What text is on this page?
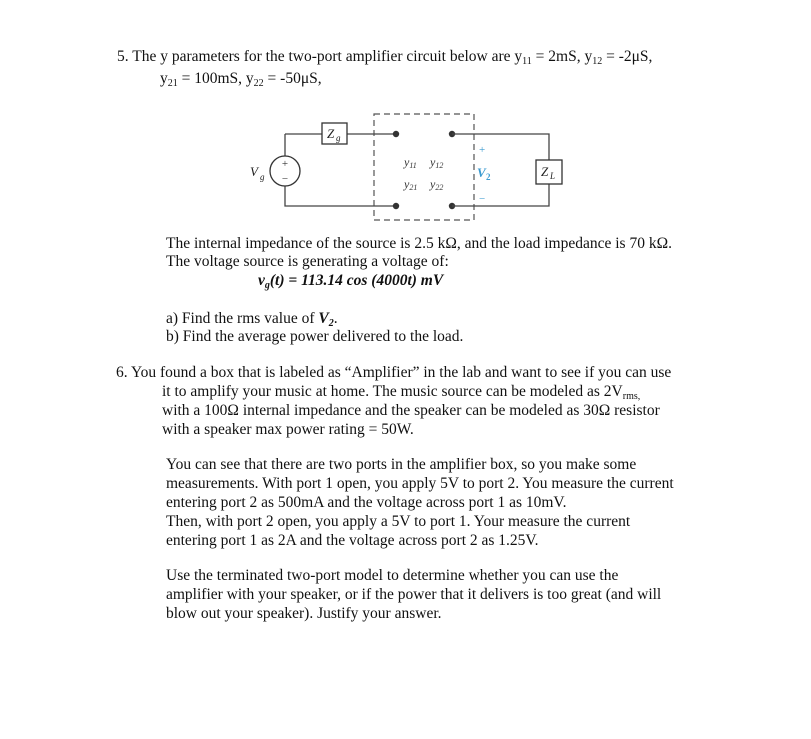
5. The y parameters for the two-port amplifier circuit below are $y_{11} = 2mS$, $y_{12} = -2\mu S$,
$y_{21} = 100mS$, $y_{22} = -50\mu S$,
+
−
V g
Z g
Z L
y11 y12
y21 y22
+
V 2
−
The internal impedance of the source is 2.5 kΩ, and the load impedance is 70 kΩ.
The voltage source is generating a voltage of:
$v_g(t) = 113.14$ cos (4000t) mV
a) Find the rms value of $V_2$.
b) Find the average power delivered to the load.
6. You found a box that is labeled as “Amplifier” in the lab and want to see if you can use
it to amplify your music at home. The music source can be modeled as $2V_{rms,}$
with a 100Ω internal impedance and the speaker can be modeled as 30Ω resistor
with a speaker max power rating = 50W.
You can see that there are two ports in the amplifier box, so you make some
measurements. With port 1 open, you apply 5V to port 2. You measure the current
entering port 2 as 500mA and the voltage across port 1 as 10mV.
Then, with port 2 open, you apply a 5V to port 1. Your measure the current
entering port 1 as 2A and the voltage across port 2 as 1.25V.
Use the terminated two-port model to determine whether you can use the
amplifier with your speaker, or if the power that it delivers is too great (and will
blow out your speaker). Justify your answer.
